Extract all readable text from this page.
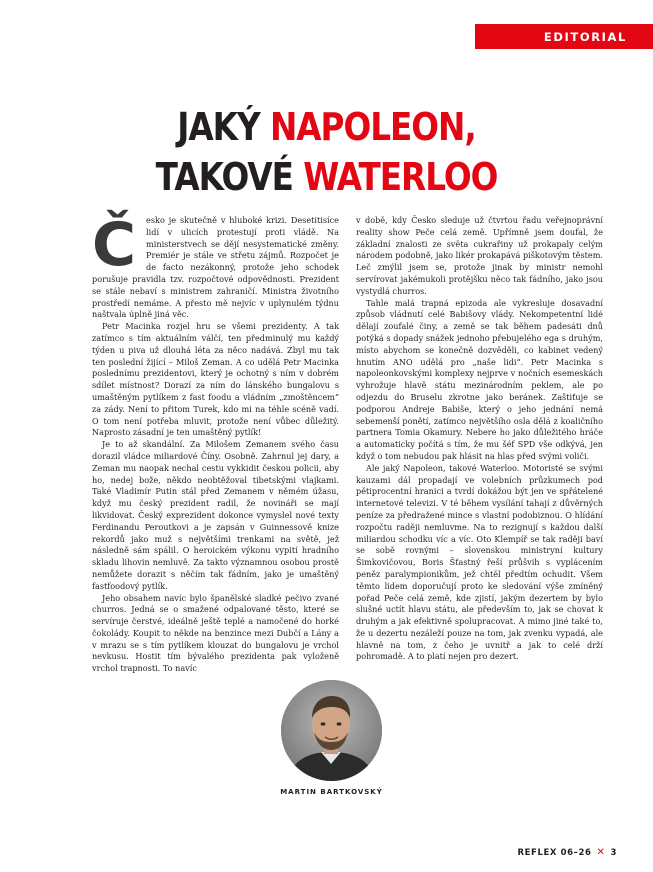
EDITORIAL
JAKÝ NAPOLEON,
TAKOVÉ WATERLOO

Č esko je skutečně v hluboké krizi. Desetitisíce lidí v ulicích protestují proti vládě. Na ministerstvech se dějí nesystematické změny. Premiér je stále ve střetu zájmů. Rozpočet je de facto nezákonný, protože jeho schodek porušuje pravidla tzv. rozpočtové odpovědnosti. Prezident se stále nebaví s ministrem zahraničí. Ministra životního prostředí nemáme. A přesto mě nejvíc v uplynulém týdnu naštvala úplně jiná věc.

Petr Macinka rozjel hru se všemi prezidenty. A tak zatímco s tím aktuálním válčí, ten předminulý mu každý týden u piva už dlouhá léta za něco nadává. Zbyl mu tak ten poslední žijící – Miloš Zeman. A co udělá Petr Macinka poslednímu prezidentovi, který je ochotný s ním v dobrém sdílet místnost? Dorazí za ním do lánského bungalovu s umaštěným pytlíkem z fast foodu a vládním „zmoštěncem“ za zády. Není to přitom Turek, kdo mi na téhle scéně vadí. O tom není potřeba mluvit, protože není vůbec důležitý. Naprosto zásadní je ten umaštěný pytlík!

Je to až skandální. Za Milošem Zemanem svého času dorazil vládce miliardové Číny. Osobně. Zahrnul jej dary, a Zeman mu naopak nechal cestu vykkidit českou policii, aby ho, nedej bože, někdo neobtěžoval tibetskými vlajkami. Také Vladimír Putin stál před Zemanem v němém úžasu, když mu český prezident radil, že novináři se mají likvidovat. Český exprezident dokonce vymyslel nové texty Ferdinandu Peroutkovi a je zapsán v Guinnessově knize rekordů jako muž s největšími trenkami na světě, jež následně sám spálil. O heroickém výkonu vypití hradního skladu lihovin nemluvě. Za takto významnou osobou prostě nemůžete dorazit s něčím tak fádním, jako je umaštěný fastfoodový pytlík.

Jeho obsahem navíc bylo španělské sladké pečivo zvané churros. Jedná se o smažené odpalované těsto, které se servíruje čerstvé, ideálně ještě teplé a namočené do horké čokolády. Koupit to někde na benzince mezi Dubčí a Lány a v mrazu se s tím pytlíkem klouzat do bungalovu je vrchol nevkusu. Hostit tím bývalého prezidenta pak vyloženě vrchol trapnosti. To navíc

v době, kdy Česko sleduje už čtvrtou řadu veřejnoprávní reality show Peče celá země. Upřímně jsem doufal, že základní znalosti ze světa cukrařiny už prokapaly celým národem podobně, jako likér prokapává piškotovým těstem. Leč zmýlil jsem se, protože jinak by ministr nemohl servírovat jakémukoli protějšku něco tak fádního, jako jsou vystydlá churros.

Tahle malá trapná epizoda ale vykresluje dosavadní způsob vládnutí celé Babišovy vlády. Nekompetentní lidé dělají zoufalé činy, a země se tak během padesáti dnů potýká s dopady snážek jednoho přebujelého ega s druhým, místo abychom se konečně dozvěděli, co kabinet vedený hnutím ANO udělá pro „naše lidi“. Petr Macinka s napoleonkovskými komplexy nejprve v nočních esemeskách vyhrožuje hlavě státu mezinárodním peklem, ale po odjezdu do Bruselu zkrotne jako beránek. Zaštiťuje se podporou Andreje Babiše, který o jeho jednání nemá sebemenší ponětí, zatímco největšího osla dělá z koaličního partnera Tomia Okamury. Nebere ho jako důležitého hráče a automaticky počítá s tím, že mu šéf SPD vše odkývá, jen když o tom nebudou pak hlásit na hlas před svými voliči.

Ale jaký Napoleon, takové Waterloo. Motoristé se svými kauzami dál propadají ve volebních průzkumech pod pětiprocentní hranici a tvrdí dokážou být jen ve spřátelené internetové televizi. V té během vysílání tahají z důvěrných peníze za předražené mince s vlastní podobiznou. O hlídání rozpočtu raději nemluvme. Na to rezignují s každou další miliardou schodku víc a víc. Oto Klempíř se tak raději baví se sobě rovnými – slovenskou ministryní kultury Šimkovičovou, Boris Šťastný řeší průšvih s vyplácením peněz paralympionikům, jež chtěl předtím ochudit. Všem těmto lidem doporučují proto ke sledování výše zmíněný pořad Peče celá země, kde zjistí, jakým dezertem by bylo slušné uctít hlavu státu, ale především to, jak se chovat k druhým a jak efektivně spolupracovat. A mimo jiné také to, že u dezertu nezáleží pouze na tom, jak zvenku vypadá, ale hlavně na tom, z čeho je uvnitř a jak to celé drží pohromadě. A to platí nejen pro dezert.

MARTIN BARTKOVSKÝ
REFLEX 06–26 ✕ 3
